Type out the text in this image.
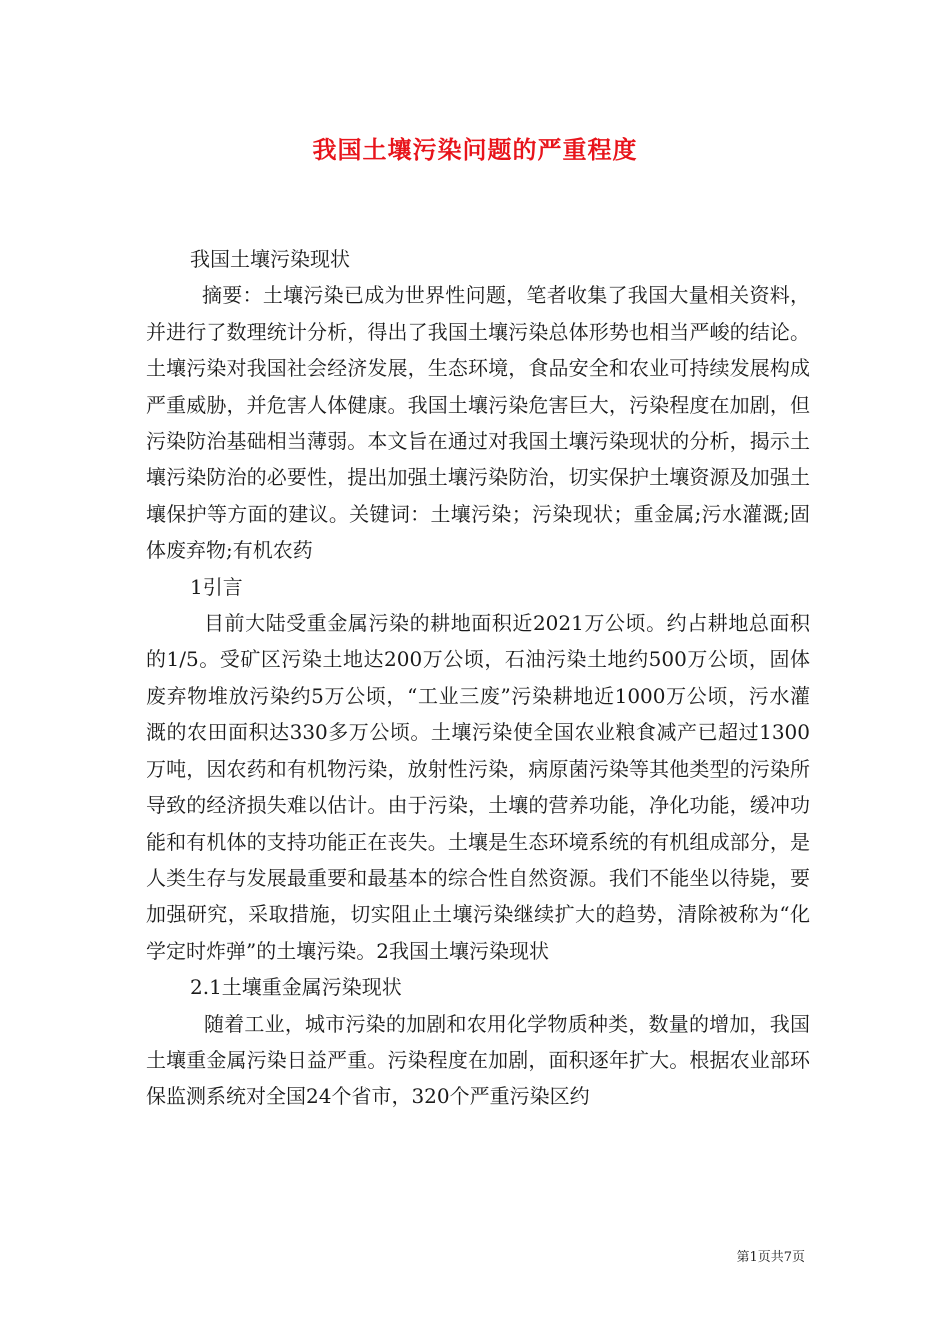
我国土壤污染问题的严重程度

我国土壤污染现状

摘要：土壤污染已成为世界性问题，笔者收集了我国大量相关资料，并进行了数理统计分析，得出了我国土壤污染总体形势也相当严峻的结论。土壤污染对我国社会经济发展，生态环境，食品安全和农业可持续发展构成严重威胁，并危害人体健康。我国土壤污染危害巨大，污染程度在加剧，但污染防治基础相当薄弱。本文旨在通过对我国土壤污染现状的分析，揭示土壤污染防治的必要性，提出加强土壤污染防治，切实保护土壤资源及加强土壤保护等方面的建议。关键词：土壤污染；污染现状；重金属;污水灌溉;固体废弃物;有机农药

1引言

目前大陆受重金属污染的耕地面积近2021万公顷。约占耕地总面积的1/5。受矿区污染土地达200万公顷，石油污染土地约500万公顷，固体废弃物堆放污染约5万公顷，“工业三废”污染耕地近1000万公顷，污水灌溉的农田面积达330多万公顷。土壤污染使全国农业粮食减产已超过1300万吨，因农药和有机物污染，放射性污染，病原菌污染等其他类型的污染所导致的经济损失难以估计。由于污染，土壤的营养功能，净化功能，缓冲功能和有机体的支持功能正在丧失。土壤是生态环境系统的有机组成部分，是人类生存与发展最重要和最基本的综合性自然资源。我们不能坐以待毙，要加强研究，采取措施，切实阻止土壤污染继续扩大的趋势，清除被称为“化学定时炸弹”的土壤污染。2我国土壤污染现状

2.1土壤重金属污染现状

随着工业，城市污染的加剧和农用化学物质种类，数量的增加，我国土壤重金属污染日益严重。污染程度在加剧，面积逐年扩大。根据农业部环保监测系统对全国24个省市，320个严重污染区约

第1页共7页
